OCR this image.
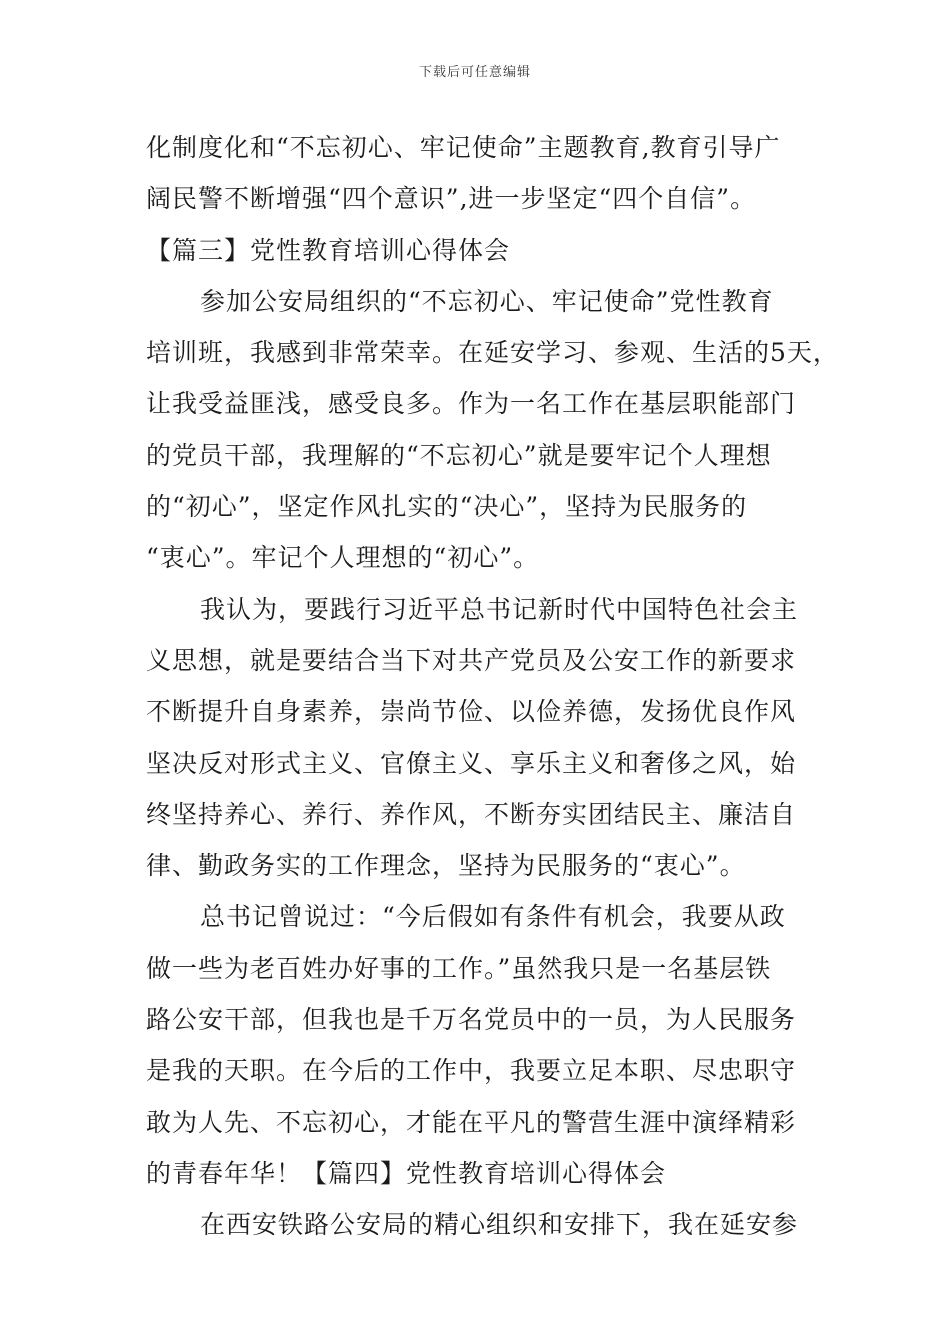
下载后可任意编辑
化制度化和“不忘初心、牢记使命”主题教育,教育引导广
阔民警不断增强“四个意识”,进一步坚定“四个自信”。
【篇三】党性教育培训心得体会
参加公安局组织的“不忘初心、牢记使命”党性教育
培训班，我感到非常荣幸。在延安学习、参观、生活的5天，
让我受益匪浅，感受良多。作为一名工作在基层职能部门
的党员干部，我理解的“不忘初心”就是要牢记个人理想
的“初心”，坚定作风扎实的“决心”，坚持为民服务的
“衷心”。牢记个人理想的“初心”。
我认为，要践行习近平总书记新时代中国特色社会主
义思想，就是要结合当下对共产党员及公安工作的新要求
不断提升自身素养，崇尚节俭、以俭养德，发扬优良作风
坚决反对形式主义、官僚主义、享乐主义和奢侈之风，始
终坚持养心、养行、养作风，不断夯实团结民主、廉洁自
律、勤政务实的工作理念，坚持为民服务的“衷心”。
总书记曾说过：“今后假如有条件有机会，我要从政
做一些为老百姓办好事的工作。”虽然我只是一名基层铁
路公安干部，但我也是千万名党员中的一员，为人民服务
是我的天职。在今后的工作中，我要立足本职、尽忠职守
敢为人先、不忘初心，才能在平凡的警营生涯中演绎精彩
的青春年华！【篇四】党性教育培训心得体会
在西安铁路公安局的精心组织和安排下，我在延安参
